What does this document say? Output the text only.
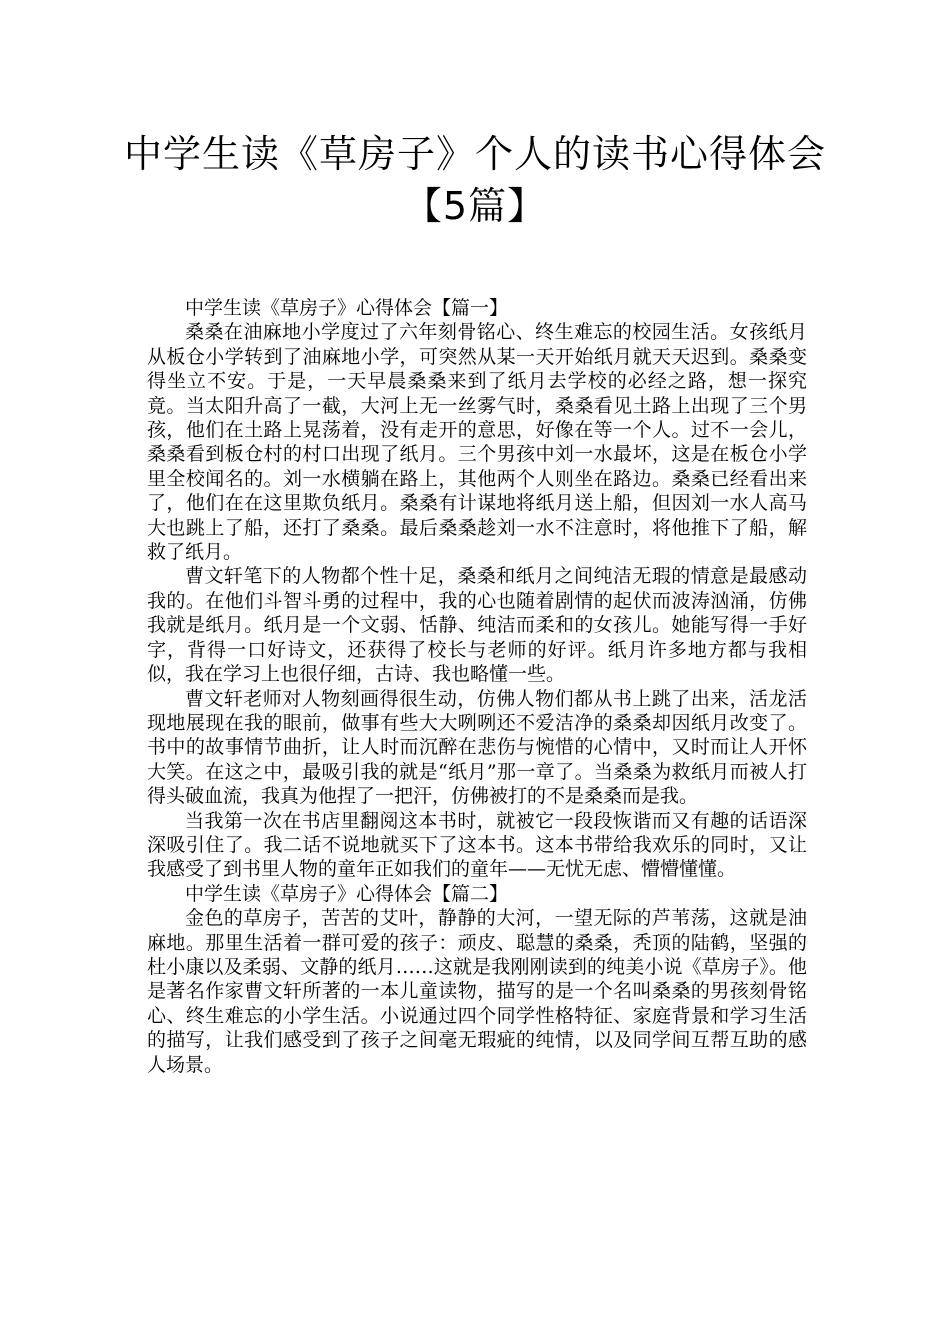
中学生读《草房子》个人的读书心得体会【5篇】

中学生读《草房子》心得体会【篇一】

桑桑在油麻地小学度过了六年刻骨铭心、终生难忘的校园生活。女孩纸月从板仓小学转到了油麻地小学，可突然从某一天开始纸月就天天迟到。桑桑变得坐立不安。于是，一天早晨桑桑来到了纸月去学校的必经之路，想一探究竟。当太阳升高了一截，大河上无一丝雾气时，桑桑看见土路上出现了三个男孩，他们在土路上晃荡着，没有走开的意思，好像在等一个人。过不一会儿，桑桑看到板仓村的村口出现了纸月。三个男孩中刘一水最坏，这是在板仓小学里全校闻名的。刘一水横躺在路上，其他两个人则坐在路边。桑桑已经看出来了，他们在在这里欺负纸月。桑桑有计谋地将纸月送上船，但因刘一水人高马大也跳上了船，还打了桑桑。最后桑桑趁刘一水不注意时，将他推下了船，解救了纸月。

曹文轩笔下的人物都个性十足，桑桑和纸月之间纯洁无瑕的情意是最感动我的。在他们斗智斗勇的过程中，我的心也随着剧情的起伏而波涛汹涌，仿佛我就是纸月。纸月是一个文弱、恬静、纯洁而柔和的女孩儿。她能写得一手好字，背得一口好诗文，还获得了校长与老师的好评。纸月许多地方都与我相似，我在学习上也很仔细，古诗、我也略懂一些。

曹文轩老师对人物刻画得很生动，仿佛人物们都从书上跳了出来，活龙活现地展现在我的眼前，做事有些大大咧咧还不爱洁净的桑桑却因纸月改变了。书中的故事情节曲折，让人时而沉醉在悲伤与惋惜的心情中，又时而让人开怀大笑。在这之中，最吸引我的就是“纸月”那一章了。当桑桑为救纸月而被人打得头破血流，我真为他捏了一把汗，仿佛被打的不是桑桑而是我。

当我第一次在书店里翻阅这本书时，就被它一段段恢谐而又有趣的话语深深吸引住了。我二话不说地就买下了这本书。这本书带给我欢乐的同时，又让我感受了到书里人物的童年正如我们的童年——无忧无虑、懵懵懂懂。

中学生读《草房子》心得体会【篇二】

金色的草房子，苦苦的艾叶，静静的大河，一望无际的芦苇荡，这就是油麻地。那里生活着一群可爱的孩子：顽皮、聪慧的桑桑，秃顶的陆鹤，坚强的杜小康以及柔弱、文静的纸月……这就是我刚刚读到的纯美小说《草房子》。他是著名作家曹文轩所著的一本儿童读物，描写的是一个名叫桑桑的男孩刻骨铭心、终生难忘的小学生活。小说通过四个同学性格特征、家庭背景和学习生活的描写，让我们感受到了孩子之间毫无瑕疵的纯情，以及同学间互帮互助的感人场景。
